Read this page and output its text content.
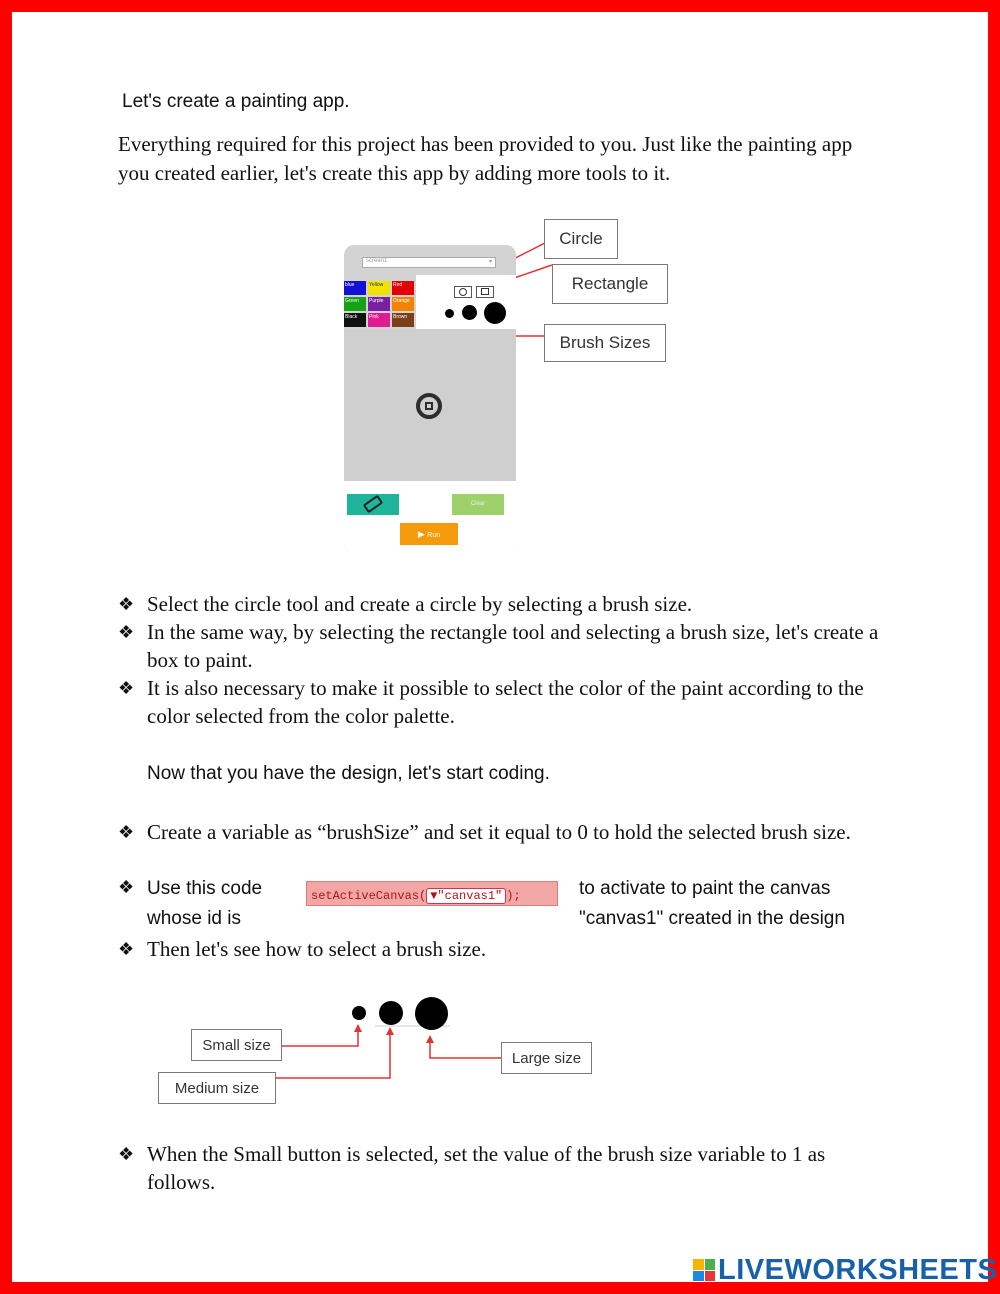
Let's create a painting app.
Everything required for this project has been provided to you. Just like the painting app you created earlier, let's create this app by adding more tools to it.
screen1	▾
blue	Yellow	Red
Green	Purple	Orange
Black	Pink	Brown
Clear
▶ Run
Circle
Rectangle
Brush Sizes
❖ Select the circle tool and create a circle by selecting a brush size.
❖ In the same way, by selecting the rectangle tool and selecting a brush size, let's create a box to paint.
❖ It is also necessary to make it possible to select the color of the paint according to the color selected from the color palette.
Now that you have the design, let's start coding.
❖ Create a variable as “brushSize” and set it equal to 0 to hold the selected brush size.
❖ Use this code
whose id is
to activate to paint the canvas
"canvas1" created in the design
setActiveCanvas( ▼"canvas1" );
❖ Then let's see how to select a brush size.
Small size
Medium size
Large size
❖ When the Small button is selected, set the value of the brush size variable to 1 as follows.
LIVEWORKSHEETS
